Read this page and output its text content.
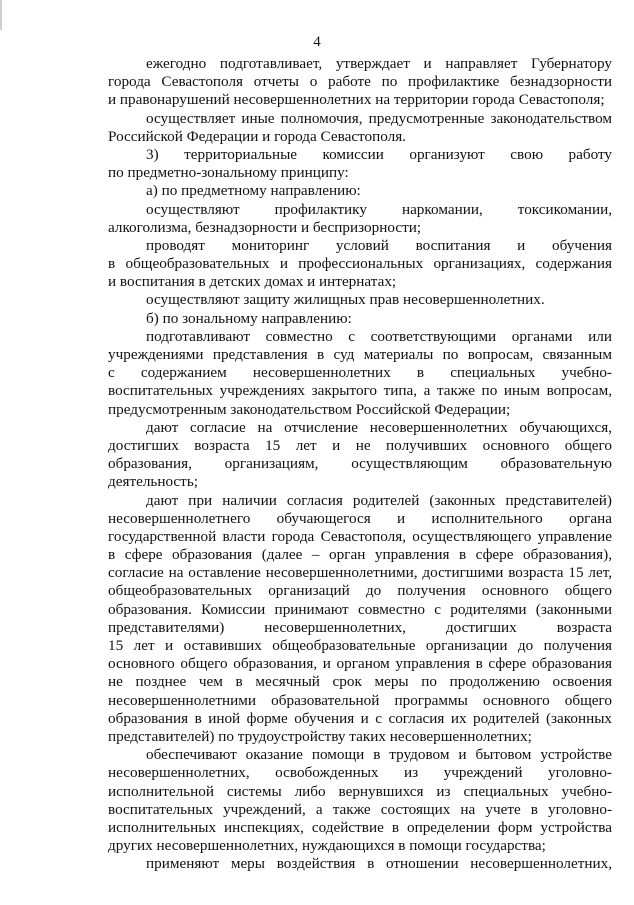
4
ежегодно подготавливает, утверждает и направляет Губернатору
города Севастополя отчеты о работе по профилактике безнадзорности
и правонарушений несовершеннолетних на территории города Севастополя;
осуществляет иные полномочия, предусмотренные законодательством
Российской Федерации и города Севастополя.
3) территориальные комиссии организуют свою работу
по предметно-зональному принципу:
а) по предметному направлению:
осуществляют профилактику наркомании, токсикомании,
алкоголизма, безнадзорности и беспризорности;
проводят мониторинг условий воспитания и обучения
в общеобразовательных и профессиональных организациях, содержания
и воспитания в детских домах и интернатах;
осуществляют защиту жилищных прав несовершеннолетних.
б) по зональному направлению:
подготавливают совместно с соответствующими органами или
учреждениями представления в суд материалы по вопросам, связанным
с содержанием несовершеннолетних в специальных учебно-
воспитательных учреждениях закрытого типа, а также по иным вопросам,
предусмотренным законодательством Российской Федерации;
дают согласие на отчисление несовершеннолетних обучающихся,
достигших возраста 15 лет и не получивших основного общего
образования, организациям, осуществляющим образовательную
деятельность;
дают при наличии согласия родителей (законных представителей)
несовершеннолетнего обучающегося и исполнительного органа
государственной власти города Севастополя, осуществляющего управление
в сфере образования (далее – орган управления в сфере образования),
согласие на оставление несовершеннолетними, достигшими возраста 15 лет,
общеобразовательных организаций до получения основного общего
образования. Комиссии принимают совместно с родителями (законными
представителями) несовершеннолетних, достигших возраста
15 лет и оставивших общеобразовательные организации до получения
основного общего образования, и органом управления в сфере образования
не позднее чем в месячный срок меры по продолжению освоения
несовершеннолетними образовательной программы основного общего
образования в иной форме обучения и с согласия их родителей (законных
представителей) по трудоустройству таких несовершеннолетних;
обеспечивают оказание помощи в трудовом и бытовом устройстве
несовершеннолетних, освобожденных из учреждений уголовно-
исполнительной системы либо вернувшихся из специальных учебно-
воспитательных учреждений, а также состоящих на учете в уголовно-
исполнительных инспекциях, содействие в определении форм устройства
других несовершеннолетних, нуждающихся в помощи государства;
применяют меры воздействия в отношении несовершеннолетних,
